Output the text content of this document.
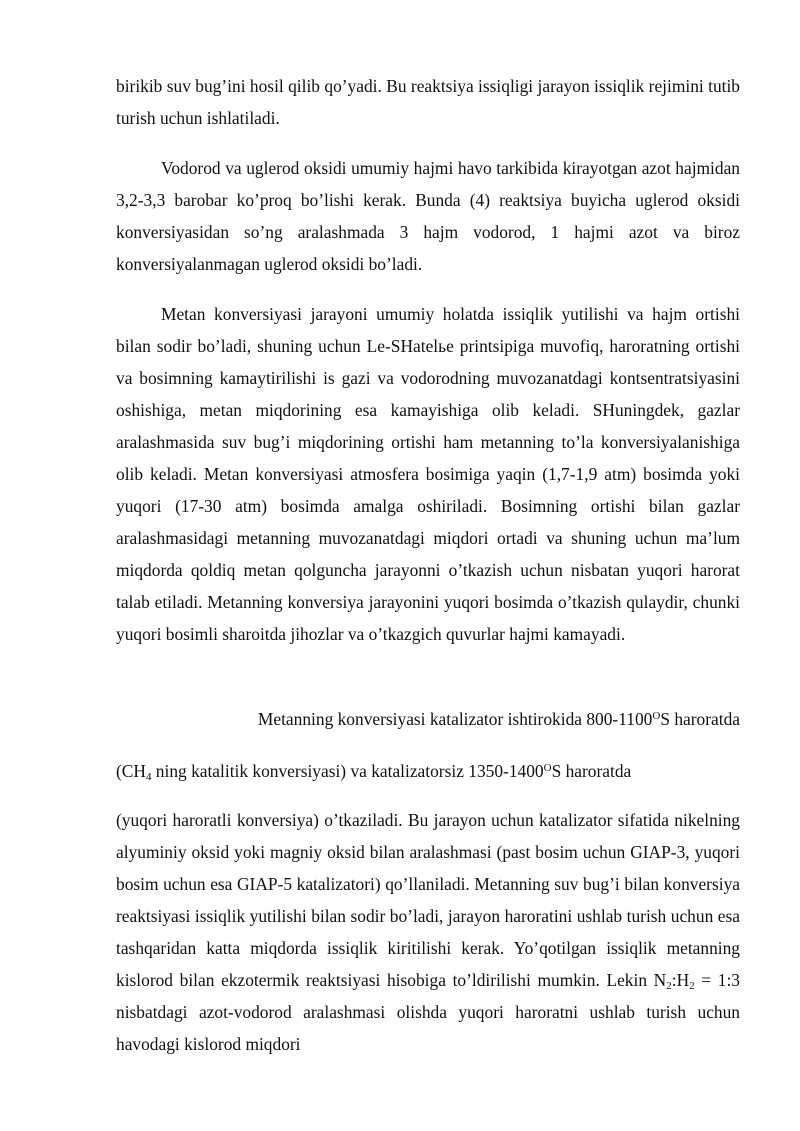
birikib suv bug’ini hosil qilib qo’yadi. Bu reaktsiya issiqligi jarayon issiqlik rejimini tutib turish uchun ishlatiladi.

Vodorod va uglerod oksidi umumiy hajmi havo tarkibida kirayotgan azot hajmidan 3,2-3,3 barobar ko’proq bo’lishi kerak. Bunda (4) reaktsiya buyicha uglerod oksidi konversiyasidan so’ng aralashmada 3 hajm vodorod, 1 hajmi azot va biroz konversiyalanmagan uglerod oksidi bo’ladi.

Metan konversiyasi jarayoni umumiy holatda issiqlik yutilishi va hajm ortishi bilan sodir bo’ladi, shuning uchun Le-SHatelье printsipiga muvofiq, haroratning ortishi va bosimning kamaytirilishi is gazi va vodorodning muvozanatdagi kontsentratsiyasini oshishiga, metan miqdorining esa kamayishiga olib keladi. SHuningdek, gazlar aralashmasida suv bug’i miqdorining ortishi ham metanning to’la konversiyalanishiga olib keladi. Metan konversiyasi atmosfera bosimiga yaqin (1,7-1,9 atm) bosimda yoki yuqori (17-30 atm) bosimda amalga oshiriladi. Bosimning ortishi bilan gazlar aralashmasidagi metanning muvozanatdagi miqdori ortadi va shuning uchun ma’lum miqdorda qoldiq metan qolguncha jarayonni o’tkazish uchun nisbatan yuqori harorat talab etiladi. Metanning konversiya jarayonini yuqori bosimda o’tkazish qulaydir, chunki yuqori bosimli sharoitda jihozlar va o’tkazgich quvurlar hajmi kamayadi.

Metanning konversiyasi katalizator ishtirokida $800-1100^OS$ haroratda

($CH_4$ ning katalitik konversiyasi) va katalizatorsiz $1350-1400^OS$ haroratda

(yuqori haroratli konversiya) o’tkaziladi. Bu jarayon uchun katalizator sifatida nikelning alyuminiy oksid yoki magniy oksid bilan aralashmasi (past bosim uchun GIAP-3, yuqori bosim uchun esa GIAP-5 katalizatori) qo’llaniladi. Metanning suv bug’i bilan konversiya reaktsiyasi issiqlik yutilishi bilan sodir bo’ladi, jarayon haroratini ushlab turish uchun esa tashqaridan katta miqdorda issiqlik kiritilishi kerak. Yo’qotilgan issiqlik metanning kislorod bilan ekzotermik reaktsiyasi hisobiga to’ldirilishi mumkin. Lekin $N_2:H_2$ = 1:3 nisbatdagi azot-vodorod aralashmasi olishda yuqori haroratni ushlab turish uchun havodagi kislorod miqdori
